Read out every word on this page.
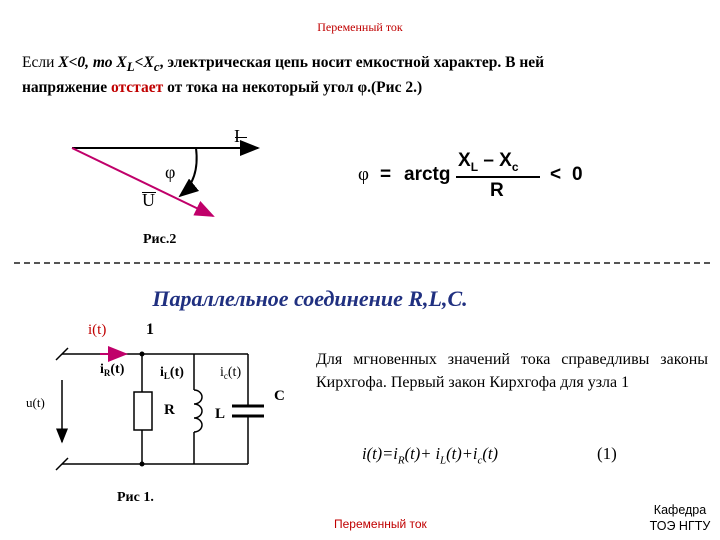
Переменный ток
Если X<0, то $X_L<X_c$, электрическая цепь носит емкостной характер. В ней
напряжение отстает от тока на некоторый угол φ.(Рис 2.)
I
φ
U
Рис.2
φ = arctg
$X_L - X_c$
R
< 0
Параллельное соединение R,L,C.
i(t) 1
u(t)
$i_R(t)$	$i_L(t)$	$i_c(t)$
R	L
C
Рис 1.
Для мгновенных значений тока справедливы законы Кирхгофа. Первый закон Кирхгофа для узла 1
$i(t)=i_R(t)+ i_L(t)+i_c(t)$	(1)
Переменный ток
Кафедра
ТОЭ НГТУ
